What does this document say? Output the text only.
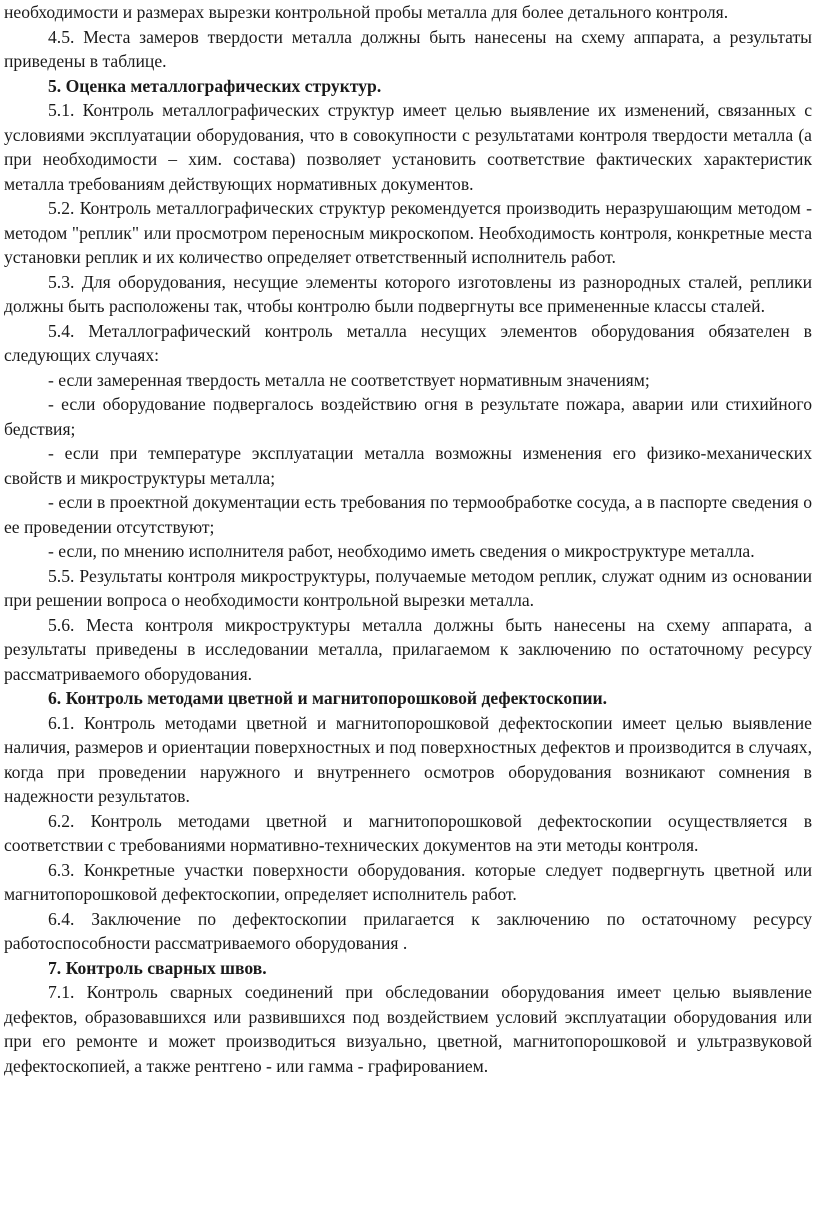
необходимости и размерах вырезки контрольной пробы металла для более детального контроля.

4.5. Места замеров твердости металла должны быть нанесены на схему аппарата, а результаты приведены в таблице.

5. Оценка металлографических структур.

5.1. Контроль металлографических структур имеет целью выявление их изменений, связанных с условиями эксплуатации оборудования, что в совокупности с результатами контроля твердости металла (а при необходимости – хим. состава) позволяет установить соответствие фактических характеристик металла требованиям действующих нормативных документов.

5.2. Контроль металлографических структур рекомендуется производить неразрушающим методом - методом "реплик" или просмотром переносным микроскопом. Необходимость контроля, конкретные места установки реплик и их количество определяет ответственный исполнитель работ.

5.3. Для оборудования, несущие элементы которого изготовлены из разнородных сталей, реплики должны быть расположены так, чтобы контролю были подвергнуты все примененные классы сталей.

5.4. Металлографический контроль металла несущих элементов оборудования обязателен в следующих случаях:

- если замеренная твердость металла не соответствует нормативным значениям;

- если оборудование подвергалось воздействию огня в результате пожара, аварии или стихийного бедствия;

- если при температуре эксплуатации металла возможны изменения его физико-механических свойств и микроструктуры металла;

- если в проектной документации есть требования по термообработке сосуда, а в паспорте сведения о ее проведении отсутствуют;

- если, по мнению исполнителя работ, необходимо иметь сведения о микроструктуре металла.

5.5. Результаты контроля микроструктуры, получаемые методом реплик, служат одним из основании при решении вопроса о необходимости контрольной вырезки металла.

5.6. Места контроля микроструктуры металла должны быть нанесены на схему аппарата, а результаты приведены в исследовании металла, прилагаемом к заключению по остаточному ресурсу рассматриваемого оборудования.

6. Контроль методами цветной и магнитопорошковой дефектоскопии.

6.1. Контроль методами цветной и магнитопорошковой дефектоскопии имеет целью выявление наличия, размеров и ориентации поверхностных и под поверхностных дефектов и производится в случаях, когда при проведении наружного и внутреннего осмотров оборудования возникают сомнения в надежности результатов.

6.2. Контроль методами цветной и магнитопорошковой дефектоскопии осуществляется в соответствии с требованиями нормативно-технических документов на эти методы контроля.

6.3. Конкретные участки поверхности оборудования. которые следует подвергнуть цветной или магнитопорошковой дефектоскопии, определяет исполнитель работ.

6.4. Заключение по дефектоскопии прилагается к заключению по остаточному ресурсу работоспособности рассматриваемого оборудования .

7. Контроль сварных швов.

7.1. Контроль сварных соединений при обследовании оборудования имеет целью выявление дефектов, образовавшихся или развившихся под воздействием условий эксплуатации оборудования или при его ремонте и может производиться визуально, цветной, магнитопорошковой и ультразвуковой дефектоскопией, а также рентгено - или гамма - графированием.
